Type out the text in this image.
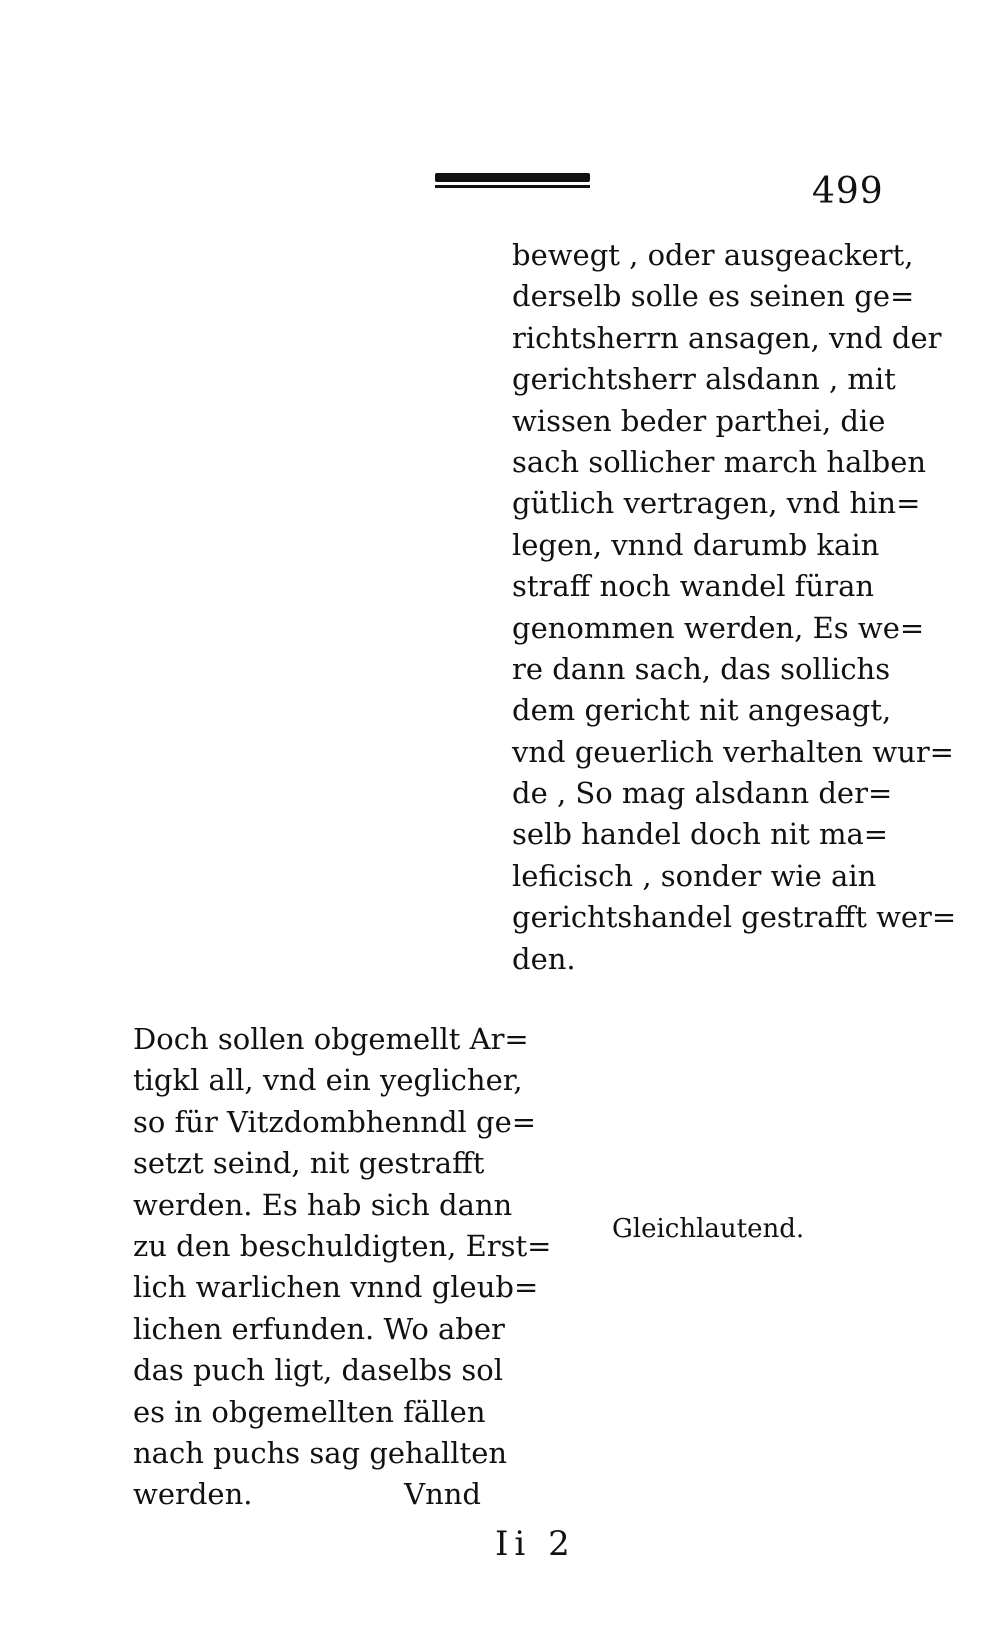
499
bewegt , oder ausgeackert,
derselb solle es seinen ge=
richtsherrn ansagen, vnd der
gerichtsherr alsdann , mit
wissen beder parthei, die
sach sollicher march halben
gütlich vertragen, vnd hin=
legen, vnnd darumb kain
straff noch wandel füran
genommen werden, Es we=
re dann sach, das sollichs
dem gericht nit angesagt,
vnd geuerlich verhalten wur=
de , So mag alsdann der=
selb handel doch nit ma=
leficisch , sonder wie ain
gerichtshandel gestrafft wer=
den.
Doch sollen obgemellt Ar=
tigkl all, vnd ein yeglicher,
so für Vitzdombhenndl ge=
setzt seind, nit gestrafft
werden. Es hab sich dann
zu den beschuldigten, Erst=
lich warlichen vnnd gleub=
lichen erfunden. Wo aber
das puch ligt, daselbs sol
es in obgemellten fällen
nach puchs sag gehallten
werden.	Vnnd
Gleichlautend.
Ii 2
